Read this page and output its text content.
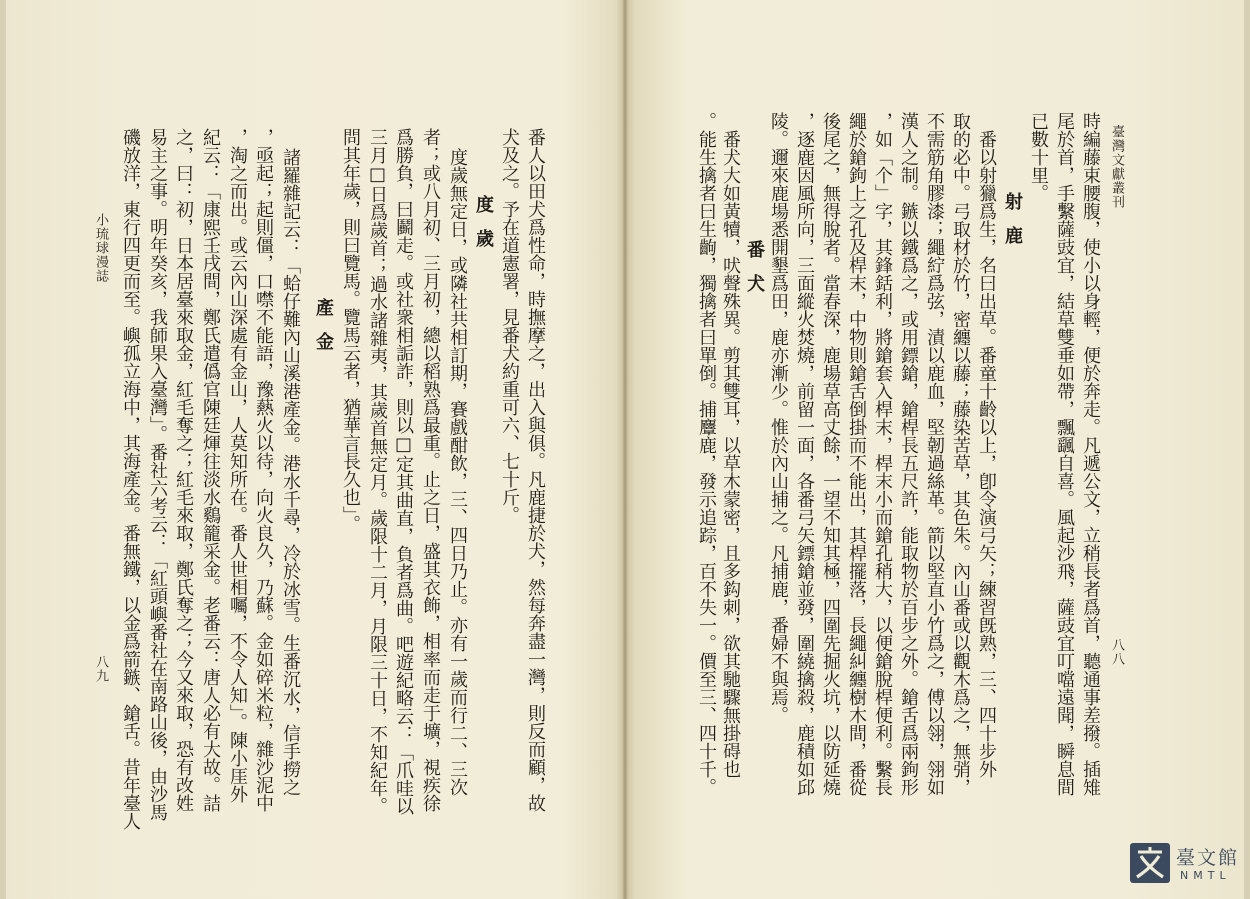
臺灣文獻叢刊
八八
時編藤束腰腹，使小以身輕，便於奔走。凡遞公文，立稍長者爲首，聽通事差撥。插雉
尾於首，手繫薩豉宜，結草雙垂如帶，飄颻自喜。風起沙飛，薩豉宜叮噹遠聞，瞬息間
已數十里。
射鹿
番以射獵爲生，名曰出草。番童十齡以上，卽令演弓矢；練習旣熟，三、四十步外
取的必中。弓取材於竹，密纏以藤；藤染苦草，其色朱。內山番或以觀木爲之，無弰，
不需筋角膠漆；繩紵爲弦，漬以鹿血，堅韌過絲革。箭以堅直小竹爲之，傅以翎，翎如
漢人之制。鏃以鐵爲之，或用鏢鎗，鎗桿長五尺許，能取物於百步之外。鎗舌爲兩鉤形
，如「个」字，其鋒銛利，將鎗套入桿末，桿末小而鎗孔稍大，以便鎗脫桿便利。繫長
繩於鎗鉤上之孔及桿末，中物則鎗舌倒掛而不能出，其桿擺落，長繩糾纏樹木間，番從
後尾之，無得脫者。當春深，鹿場草高丈餘，一望不知其極，四圍先掘火坑，以防延燒
，逐鹿因風所向，三面縱火焚燒，前留一面，各番弓矢鏢鎗並發，圍繞擒殺，鹿積如邱
陵。邇來鹿場悉開墾爲田，鹿亦漸少。惟於內山捕之。凡捕鹿，番婦不與焉。
番犬
番犬大如黃犢，吠聲殊異。剪其雙耳，以草木蒙密，且多鈎刺，欲其馳驟無掛碍也
。能生擒者曰生齣，獨擒者曰單倒。捕麞鹿，發示追踪，百不失一。價至三、四十千。
番人以田犬爲性命，時撫摩之，出入與俱。凡鹿捷於犬，然每奔盡一灣，則反而顧，故
犬及之。予在道憲署，見番犬約重可六、七十斤。
度歲
度歲無定日，或隣社共相訂期，賽戲酣飲，三、四日乃止。亦有一歲而行二、三次
者；或八月初、三月初，總以稻熟爲最重。止之日，盛其衣飾，相率而走于壙，視疾徐
爲勝負，曰鬬走。或社衆相詬詐，則以□定其曲直，負者爲曲。吧遊紀略云：「爪哇以
三月□日爲歲首；過水諸雜夷，其歲首無定月。歲限十二月，月限三十日，不知紀年。
問其年歲，則曰覽馬。覽馬云者，猶華言長久也」。
產金
諸羅雜記云：「蛤仔難內山溪港產金。港水千尋，冷於冰雪。生番沉水，信手撈之
，亟起；起則僵，口噤不能語，豫爇火以待，向火良久，乃蘇。金如碎米粒，雜沙泥中
，淘之而出。或云內山深處有金山，人莫知所在。番人世相囑，不令人知」。陳小厓外
紀云：「康熙壬戌間，鄭氏遣僞官陳廷煇往淡水鷄籠采金。老番云：唐人必有大故。詰
之，曰：初，日本居臺來取金，紅毛奪之；紅毛來取，鄭氏奪之；今又來取，恐有改姓
易主之事。明年癸亥，我師果入臺灣」。番社六考云：「紅頭嶼番社在南路山後，由沙馬
磯放洋，東行四更而至。嶼孤立海中，其海產金。番無鐵，以金爲箭鏃、鎗舌。昔年臺人
小琉球漫誌
八九
臺文館
NMTL
